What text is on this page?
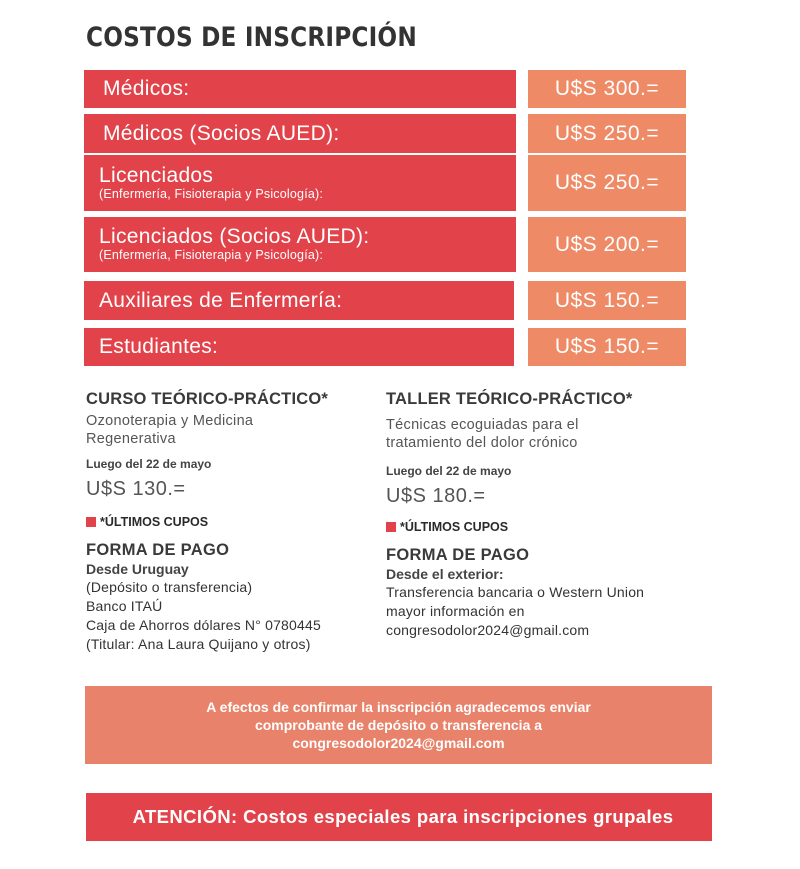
COSTOS DE INSCRIPCIÓN
Médicos:	U$S 300.=
Médicos (Socios AUED):	U$S 250.=
Licenciados
(Enfermería, Fisioterapia y Psicología):	U$S 250.=
Licenciados (Socios AUED):
(Enfermería, Fisioterapia y Psicología):	U$S 200.=
Auxiliares de Enfermería:	U$S 150.=
Estudiantes:	U$S 150.=
CURSO TEÓRICO-PRÁCTICO*
Ozonoterapia y Medicina
Regenerativa
Luego del 22 de mayo
U$S 130.=
*ÚLTIMOS CUPOS
FORMA DE PAGO
Desde Uruguay
(Depósito o transferencia)
Banco ITAÚ
Caja de Ahorros dólares N° 0780445
(Titular: Ana Laura Quijano y otros)
TALLER TEÓRICO-PRÁCTICO*
Técnicas ecoguiadas para el
tratamiento del dolor crónico
Luego del 22 de mayo
U$S 180.=
*ÚLTIMOS CUPOS
FORMA DE PAGO
Desde el exterior:
Transferencia bancaria o Western Union
mayor información en
congresodolor2024@gmail.com
A efectos de confirmar la inscripción agradecemos enviar
comprobante de depósito o transferencia a
congresodolor2024@gmail.com
ATENCIÓN: Costos especiales para inscripciones grupales
